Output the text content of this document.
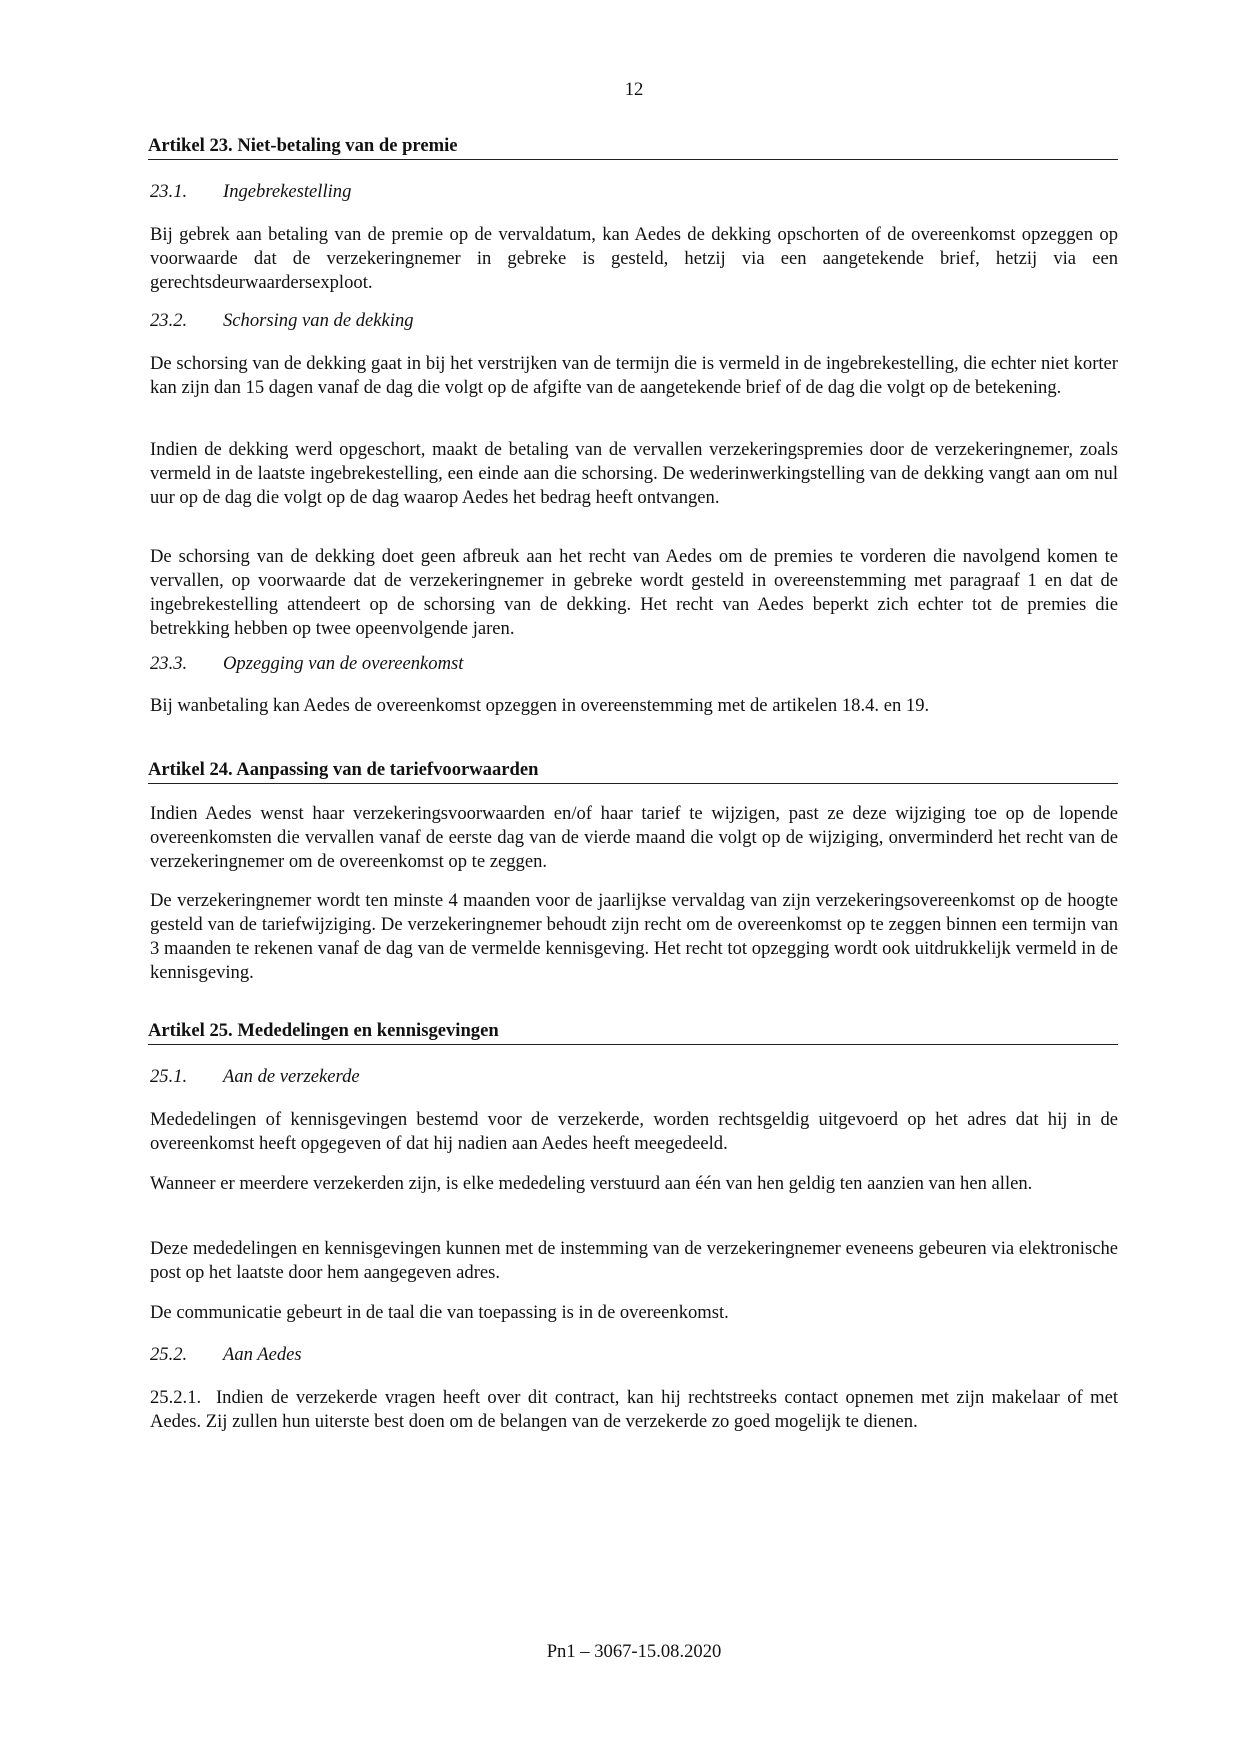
12
Artikel 23. Niet-betaling van de premie
23.1. Ingebrekestelling
Bij gebrek aan betaling van de premie op de vervaldatum, kan Aedes de dekking opschorten of de overeenkomst opzeggen op voorwaarde dat de verzekeringnemer in gebreke is gesteld, hetzij via een aangetekende brief, hetzij via een gerechtsdeurwaardersexploot.
23.2. Schorsing van de dekking
De schorsing van de dekking gaat in bij het verstrijken van de termijn die is vermeld in de ingebrekestelling, die echter niet korter kan zijn dan 15 dagen vanaf de dag die volgt op de afgifte van de aangetekende brief of de dag die volgt op de betekening.
Indien de dekking werd opgeschort, maakt de betaling van de vervallen verzekeringspremies door de verzekeringnemer, zoals vermeld in de laatste ingebrekestelling, een einde aan die schorsing. De wederinwerkingstelling van de dekking vangt aan om nul uur op de dag die volgt op de dag waarop Aedes het bedrag heeft ontvangen.
De schorsing van de dekking doet geen afbreuk aan het recht van Aedes om de premies te vorderen die navolgend komen te vervallen, op voorwaarde dat de verzekeringnemer in gebreke wordt gesteld in overeenstemming met paragraaf 1 en dat de ingebrekestelling attendeert op de schorsing van de dekking. Het recht van Aedes beperkt zich echter tot de premies die betrekking hebben op twee opeenvolgende jaren.
23.3. Opzegging van de overeenkomst
Bij wanbetaling kan Aedes de overeenkomst opzeggen in overeenstemming met de artikelen 18.4. en 19.
Artikel 24. Aanpassing van de tariefvoorwaarden
Indien Aedes wenst haar verzekeringsvoorwaarden en/of haar tarief te wijzigen, past ze deze wijziging toe op de lopende overeenkomsten die vervallen vanaf de eerste dag van de vierde maand die volgt op de wijziging, onverminderd het recht van de verzekeringnemer om de overeenkomst op te zeggen.
De verzekeringnemer wordt ten minste 4 maanden voor de jaarlijkse vervaldag van zijn verzekeringsovereenkomst op de hoogte gesteld van de tariefwijziging. De verzekeringnemer behoudt zijn recht om de overeenkomst op te zeggen binnen een termijn van 3 maanden te rekenen vanaf de dag van de vermelde kennisgeving. Het recht tot opzegging wordt ook uitdrukkelijk vermeld in de kennisgeving.
Artikel 25. Mededelingen en kennisgevingen
25.1. Aan de verzekerde
Mededelingen of kennisgevingen bestemd voor de verzekerde, worden rechtsgeldig uitgevoerd op het adres dat hij in de overeenkomst heeft opgegeven of dat hij nadien aan Aedes heeft meegedeeld.
Wanneer er meerdere verzekerden zijn, is elke mededeling verstuurd aan één van hen geldig ten aanzien van hen allen.
Deze mededelingen en kennisgevingen kunnen met de instemming van de verzekeringnemer eveneens gebeuren via elektronische post op het laatste door hem aangegeven adres.
De communicatie gebeurt in de taal die van toepassing is in de overeenkomst.
25.2. Aan Aedes
25.2.1.  Indien de verzekerde vragen heeft over dit contract, kan hij rechtstreeks contact opnemen met zijn makelaar of met Aedes. Zij zullen hun uiterste best doen om de belangen van de verzekerde zo goed mogelijk te dienen.
Pn1 – 3067-15.08.2020
